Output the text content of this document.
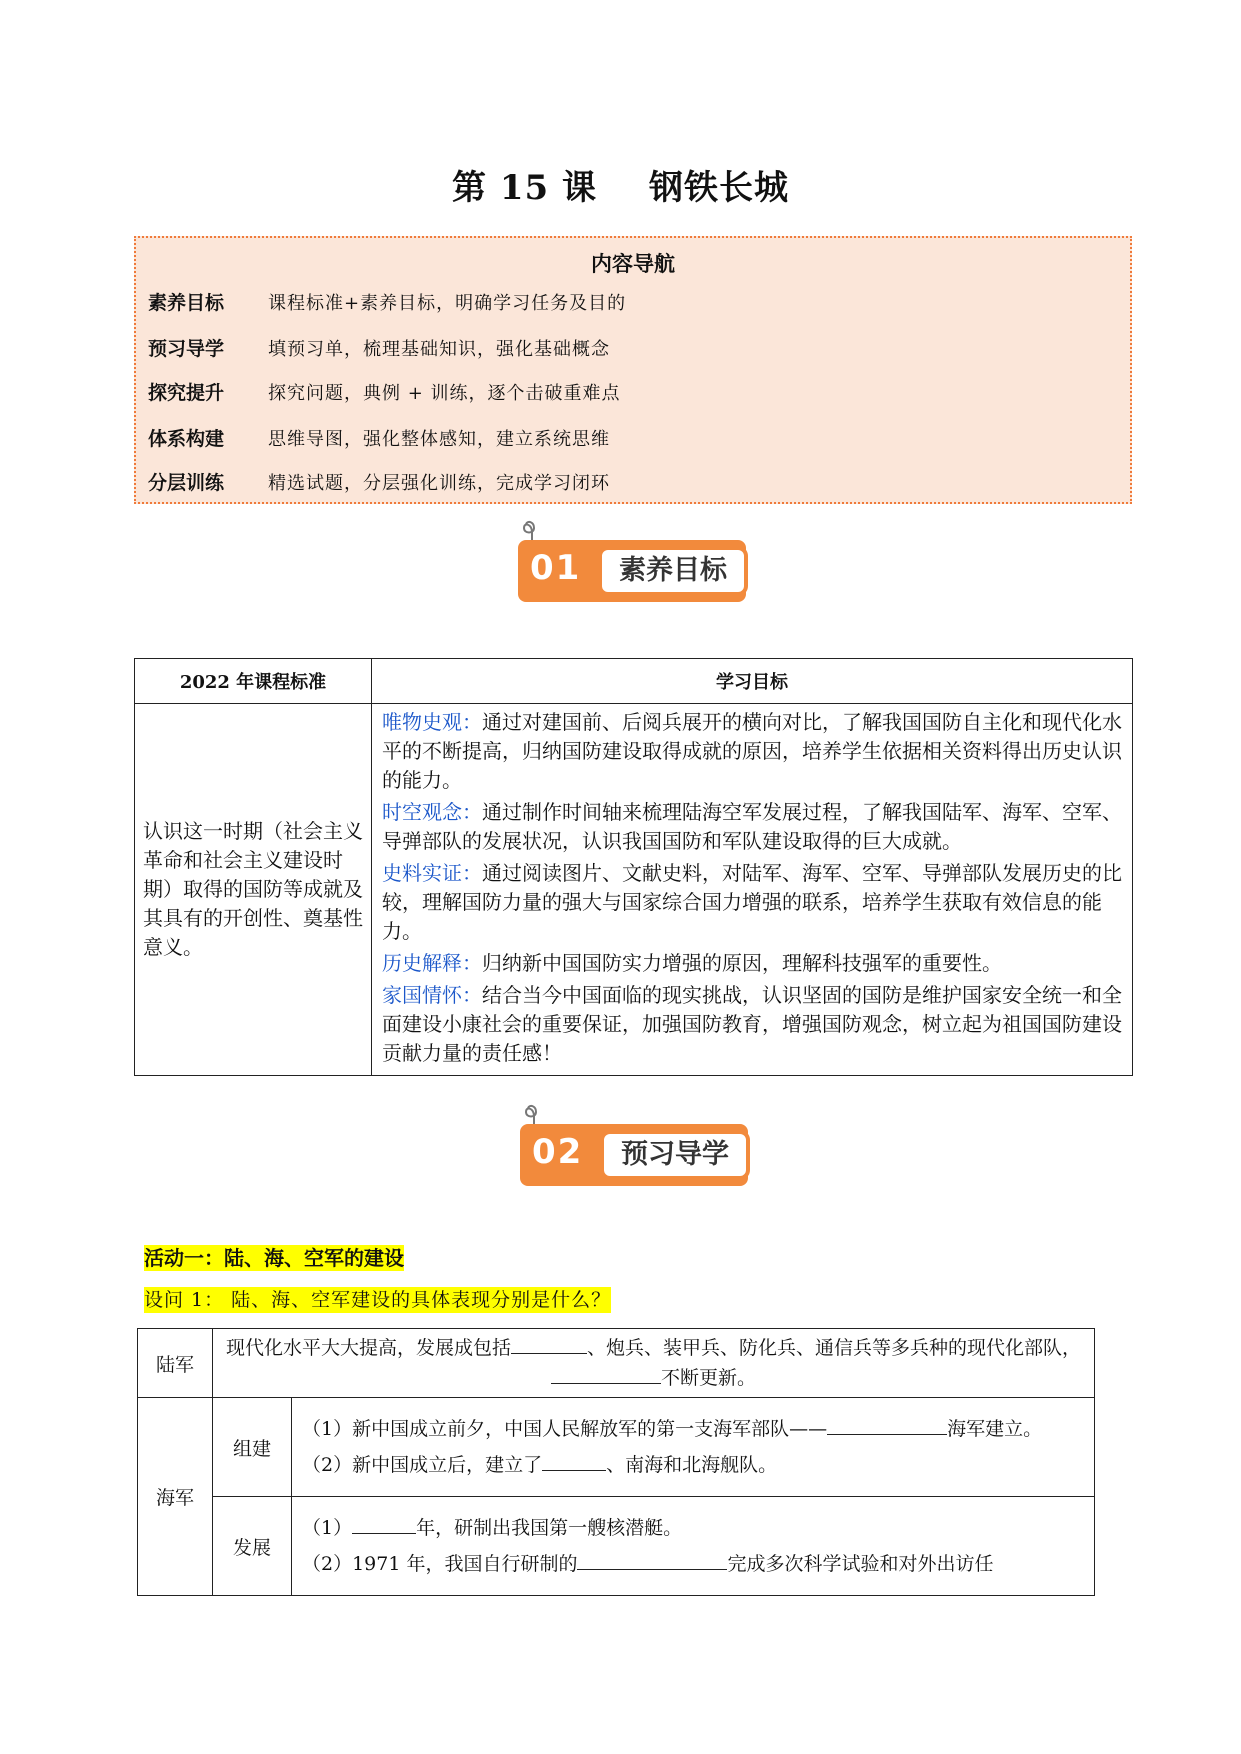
第 15 课 钢铁长城
内容导航
素养目标 课程标准+素养目标，明确学习任务及目的
预习导学 填预习单，梳理基础知识，强化基础概念
探究提升 探究问题，典例 + 训练，逐个击破重难点
体系构建 思维导图，强化整体感知，建立系统思维
分层训练 精选试题，分层强化训练，完成学习闭环
01	素养目标
2022 年课程标准	学习目标
认识这一时期（社会主义革命和社会主义建设时期）取得的国防等成就及其具有的开创性、奠基性意义。	唯物史观：通过对建国前、后阅兵展开的横向对比，了解我国国防自主化和现代化水平的不断提高，归纳国防建设取得成就的原因，培养学生依据相关资料得出历史认识的能力。
时空观念：通过制作时间轴来梳理陆海空军发展过程，了解我国陆军、海军、空军、导弹部队的发展状况，认识我国国防和军队建设取得的巨大成就。
史料实证：通过阅读图片、文献史料，对陆军、海军、空军、导弹部队发展历史的比较，理解国防力量的强大与国家综合国力增强的联系，培养学生获取有效信息的能力。
历史解释：归纳新中国国防实力增强的原因，理解科技强军的重要性。
家国情怀：结合当今中国面临的现实挑战，认识坚固的国防是维护国家安全统一和全面建设小康社会的重要保证，加强国防教育，增强国防观念，树立起为祖国国防建设贡献力量的责任感！
02	预习导学
活动一：陆、海、空军的建设
设问 1： 陆、海、空军建设的具体表现分别是什么？
陆军	现代化水平大大提高，发展成包括 、炮兵、装甲兵、防化兵、通信兵等多兵种的现代化部队，不断更新。	
海军	组建	（1）新中国成立前夕，中国人民解放军的第一支海军部队—— 海军建立。
（2）新中国成立后，建立了 、南海和北海舰队。

	发展	（1） 年，研制出我国第一艘核潜艇。
（2）1971 年，我国自行研制的 完成多次科学试验和对外出访任
